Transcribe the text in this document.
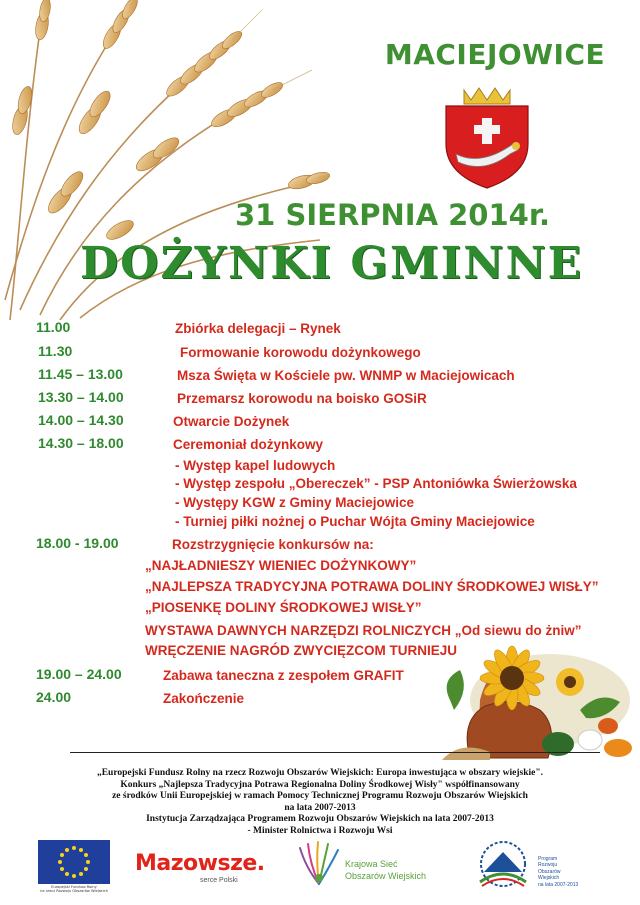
MACIEJOWICE
31 SIERPNIA 2014r.
DOŻYNKI GMINNE
11.00	Zbiórka delegacji – Rynek
11.30	Formowanie korowodu dożynkowego
11.45 – 13.00	Msza Święta w Kościele pw. WNMP w Maciejowicach
13.30 – 14.00	Przemarsz korowodu na boisko GOSiR
14.00 – 14.30	Otwarcie Dożynek
14.30 – 18.00	Ceremoniał dożynkowy
- Występ kapel ludowych
- Występ zespołu „Obereczek” - PSP Antoniówka Świerżowska
- Występy KGW z Gminy Maciejowice
- Turniej piłki nożnej o Puchar Wójta Gminy Maciejowice
18.00 - 19.00	Rozstrzygnięcie konkursów na:
„NAJŁADNIESZY WIENIEC DOŻYNKOWY”
„NAJLEPSZA TRADYCYJNA POTRAWA DOLINY ŚRODKOWEJ WISŁY”
„PIOSENKĘ DOLINY ŚRODKOWEJ WISŁY”
WYSTAWA DAWNYCH NARZĘDZI ROLNICZYCH „Od siewu do żniw”
WRĘCZENIE NAGRÓD ZWYCIĘZCOM TURNIEJU
19.00 – 24.00	Zabawa taneczna z zespołem GRAFIT
24.00	Zakończenie
„Europejski Fundusz Rolny na rzecz Rozwoju Obszarów Wiejskich: Europa inwestująca w obszary wiejskie".
Konkurs „Najlepsza Tradycyjna Potrawa Regionalna Doliny Środkowej Wisły" współfinansowany
ze środków Unii Europejskiej w ramach Pomocy Technicznej Programu Rozwoju Obszarów Wiejskich
na lata 2007-2013
Instytucja Zarządzająca Programem Rozwoju Obszarów Wiejskich na lata 2007-2013
- Minister Rolnictwa i Rozwoju Wsi
Europejski Fundusz Rolny
na rzecz Rozwoju Obszarów Wiejskich
Mazowsze.
serce Polski
Krajowa Sieć
Obszarów Wiejskich
Program
Rozwoju
Obszarów
Wiejskich
na lata 2007-2013
